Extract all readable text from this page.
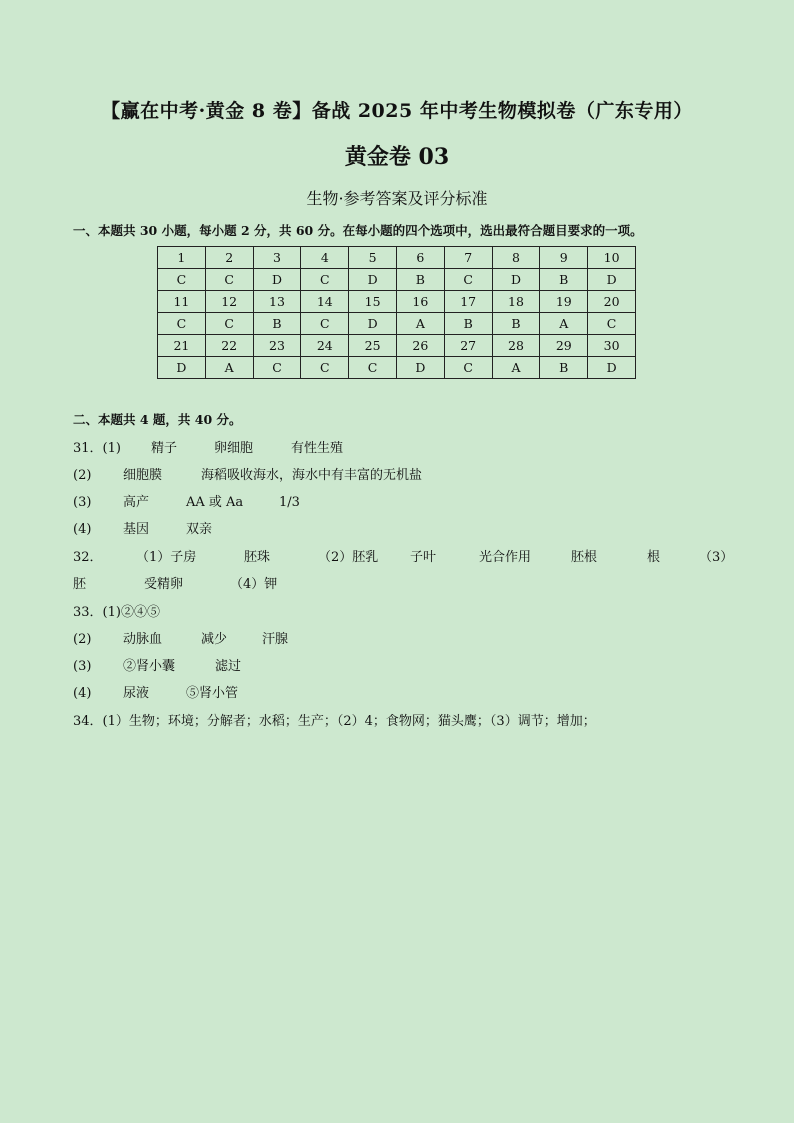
【赢在中考·黄金 8 卷】备战 2025 年中考生物模拟卷（广东专用）
黄金卷 03
生物·参考答案及评分标准
一、本题共 30 小题，每小题 2 分，共 60 分。在每小题的四个选项中，选出最符合题目要求的一项。
1	2	3	4	5	6	7	8	9	10
C	C	D	C	D	B	C	D	B	D
11	12	13	14	15	16	17	18	19	20
C	C	B	C	D	A	B	B	A	C
21	22	23	24	25	26	27	28	29	30
D	A	C	C	C	D	C	A	B	D
二、本题共 4 题，共 40 分。
31．(1) 精子	卵细胞	有性生殖
(2) 细胞膜	海稻吸收海水，海水中有丰富的无机盐
(3) 高产	AA 或 Aa	1/3
(4) 基因	双亲
32．	（1）子房	胚珠	（2）胚乳 子叶	光合作用	胚根	根	（3）
胚	受精卵	（4）钾
33．(1)②④⑤
(2) 动脉血	减少	汗腺
(3) ②肾小囊	滤过
(4) 尿液	⑤肾小管
34．(1）生物；环境；分解者；水稻；生产；（2）4；食物网；猫头鹰；（3）调节；增加；
